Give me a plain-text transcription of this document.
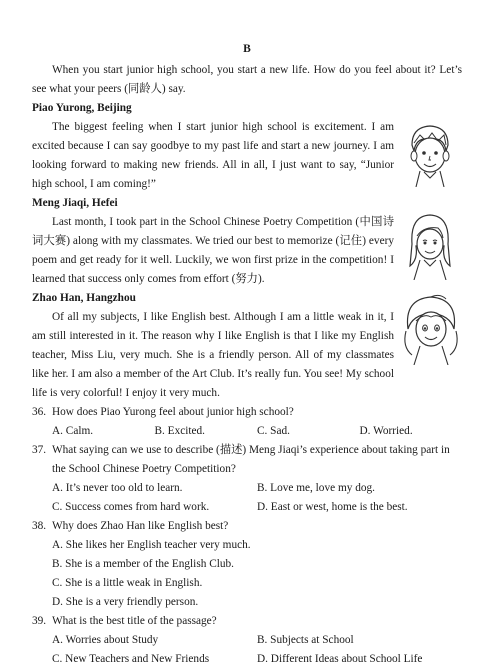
B

When you start junior high school, you start a new life. How do you feel about it? Let’s see what your peers (同龄人) say.

Piao Yurong, Beijing

The biggest feeling when I start junior high school is excitement. I am excited because I can say goodbye to my past life and start a new journey. I am looking forward to making new friends. All in all, I just want to say, “Junior high school, I am coming!”

Meng Jiaqi, Hefei

Last month, I took part in the School Chinese Poetry Competition (中国诗词大赛) along with my classmates. We tried our best to memorize (记住) every poem and get ready for it well. Luckily, we won first prize in the competition! I learned that success only comes from effort (努力).

Zhao Han, Hangzhou

Of all my subjects, I like English best. Although I am a little weak in it, I am still interested in it. The reason why I like English is that I like my English teacher, Miss Liu, very much. She is a friendly person. All of my classmates like her. I am also a member of the Art Club. It’s really fun. You see! My school life is very colorful! I enjoy it very much.

36. How does Piao Yurong feel about junior high school?
A. Calm.	B. Excited.	C. Sad.	D. Worried.
37. What saying can we use to describe (描述) Meng Jiaqi’s experience about taking part in the School Chinese Poetry Competition?
A. It’s never too old to learn.	B. Love me, love my dog.
C. Success comes from hard work.	D. East or west, home is the best.
38. Why does Zhao Han like English best?
A. She likes her English teacher very much.
B. She is a member of the English Club.
C. She is a little weak in English.
D. She is a very friendly person.
39. What is the best title of the passage?
A. Worries about Study	B. Subjects at School
C. New Teachers and New Friends	D. Different Ideas about School Life
